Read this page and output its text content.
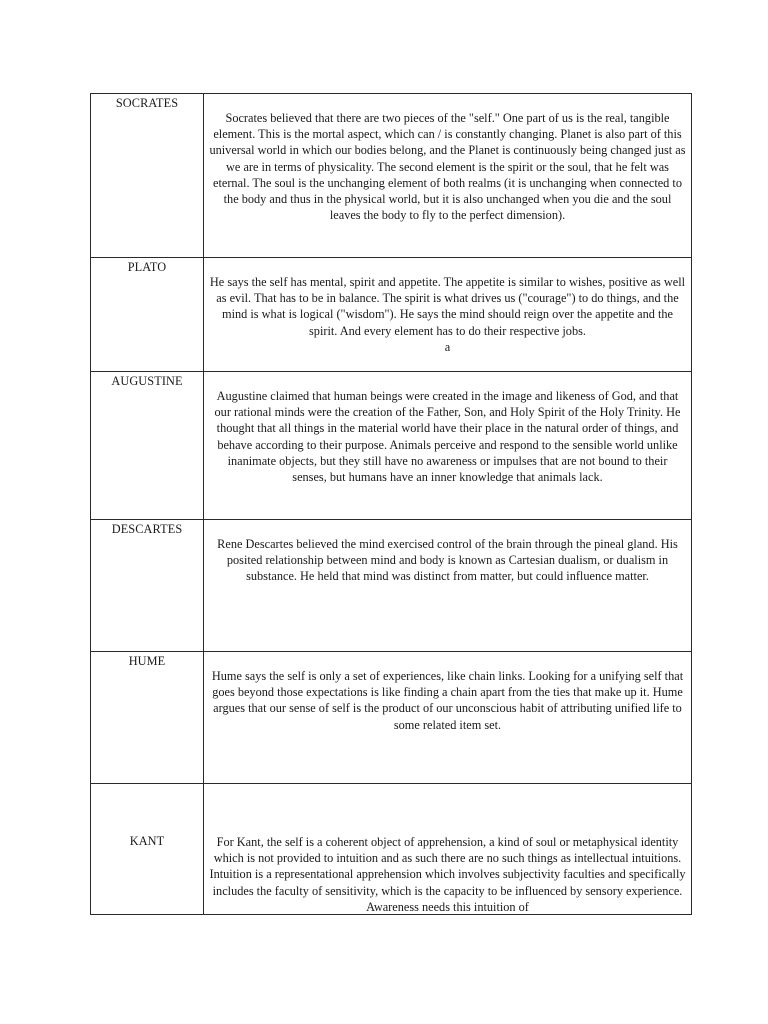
SOCRATES	Socrates believed that there are two pieces of the "self." One part of us is the real, tangible element. This is the mortal aspect, which can / is constantly changing. Planet is also part of this universal world in which our bodies belong, and the Planet is continuously being changed just as we are in terms of physicality. The second element is the spirit or the soul, that he felt was eternal. The soul is the unchanging element of both realms (it is unchanging when connected to the body and thus in the physical world, but it is also unchanged when you die and the soul leaves the body to fly to the perfect dimension).

PLATO	He says the self has mental, spirit and appetite. The appetite is similar to wishes, positive as well as evil. That has to be in balance. The spirit is what drives us ("courage") to do things, and the mind is what is logical ("wisdom"). He says the mind should reign over the appetite and the spirit. And every element has to do their respective jobs.
a

AUGUSTINE	Augustine claimed that human beings were created in the image and likeness of God, and that our rational minds were the creation of the Father, Son, and Holy Spirit of the Holy Trinity. He thought that all things in the material world have their place in the natural order of things, and behave according to their purpose. Animals perceive and respond to the sensible world unlike inanimate objects, but they still have no awareness or impulses that are not bound to their senses, but humans have an inner knowledge that animals lack.

DESCARTES	Rene Descartes believed the mind exercised control of the brain through the pineal gland. His posited relationship between mind and body is known as Cartesian dualism, or dualism in substance. He held that mind was distinct from matter, but could influence matter.

HUME	Hume says the self is only a set of experiences, like chain links. Looking for a unifying self that goes beyond those expectations is like finding a chain apart from the ties that make up it. Hume argues that our sense of self is the product of our unconscious habit of attributing unified life to some related item set.

KANT	For Kant, the self is a coherent object of apprehension, a kind of soul or metaphysical identity which is not provided to intuition and as such there are no such things as intellectual intuitions. Intuition is a representational apprehension which involves subjectivity faculties and specifically includes the faculty of sensitivity, which is the capacity to be influenced by sensory experience. Awareness needs this intuition of
